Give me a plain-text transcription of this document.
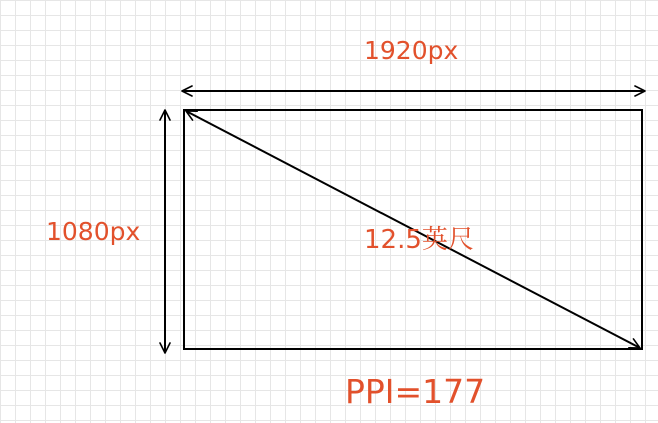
1920px
1080px	12.5英尺
PPI=177
